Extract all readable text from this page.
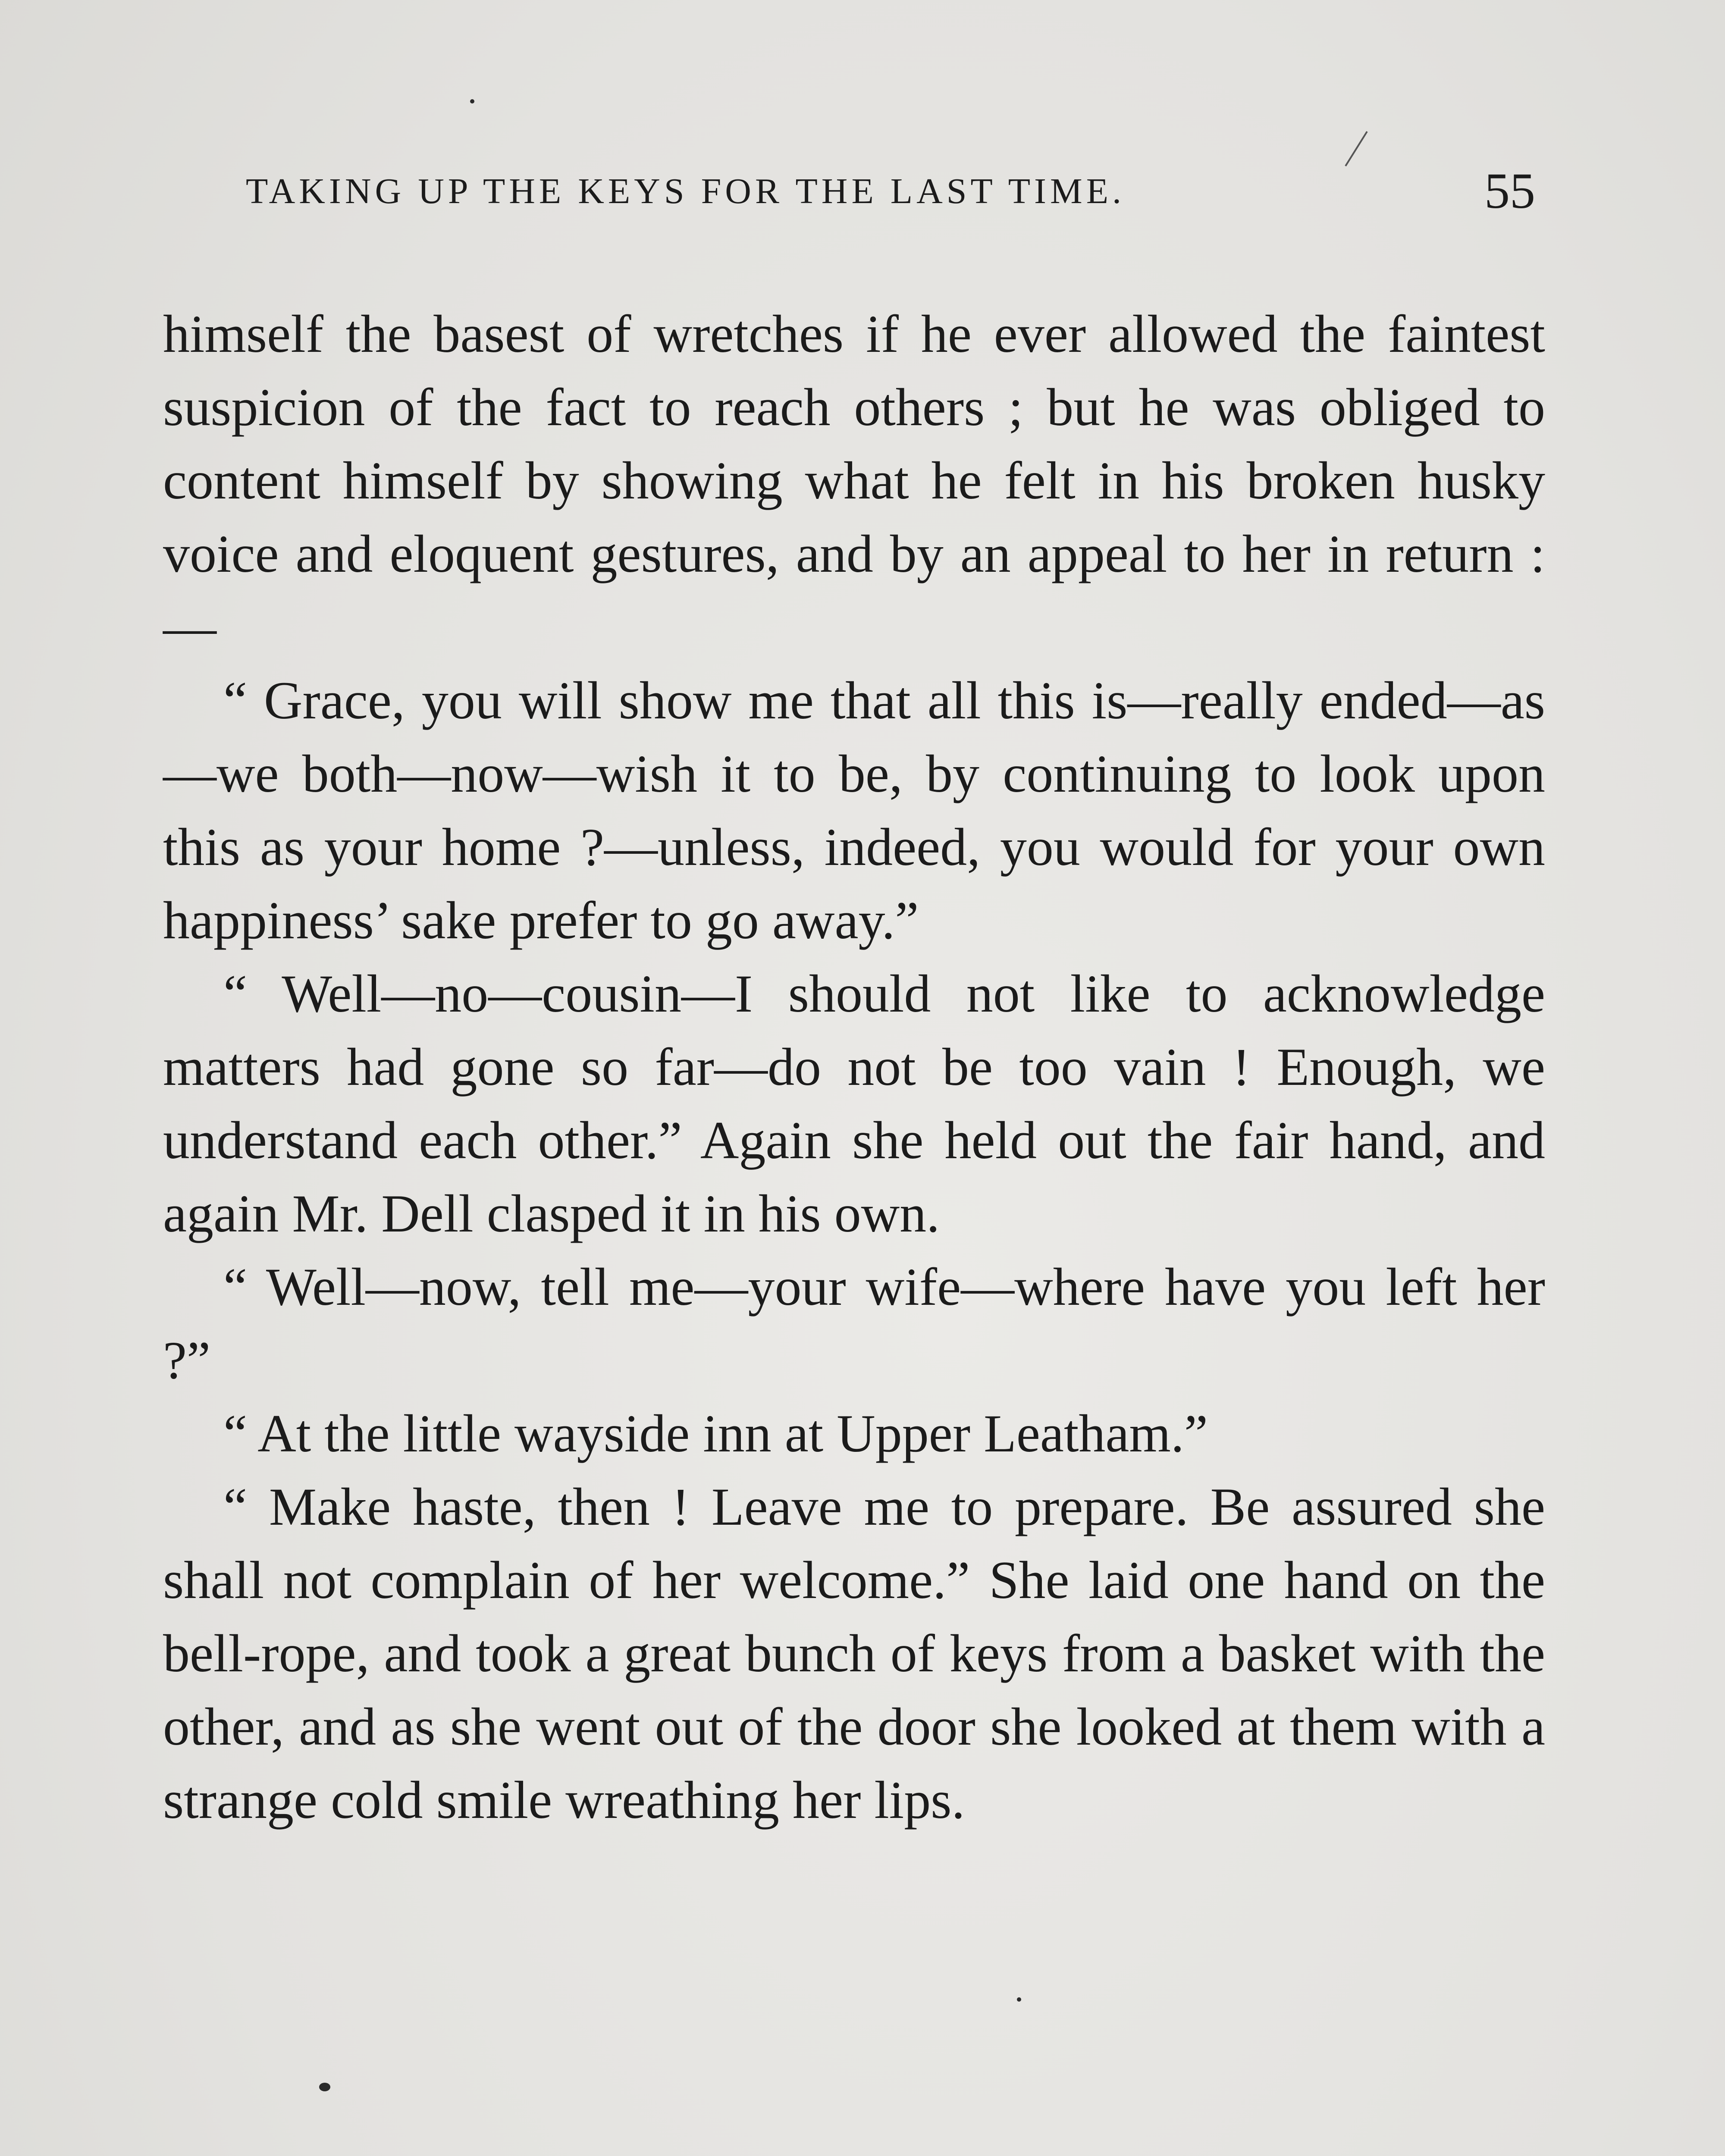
TAKING UP THE KEYS FOR THE LAST TIME.	55

himself the basest of wretches if he ever allowed the faintest suspicion of the fact to reach others ; but he was obliged to content himself by showing what he felt in his broken husky voice and eloquent gestures, and by an appeal to her in return :—

“ Grace, you will show me that all this is—really ended—as—we both—now—wish it to be, by continuing to look upon this as your home ?—unless, indeed, you would for your own happiness’ sake prefer to go away.”

“ Well—no—cousin—I should not like to acknowledge matters had gone so far—do not be too vain ! Enough, we understand each other.” Again she held out the fair hand, and again Mr. Dell clasped it in his own.

“ Well—now, tell me—your wife—where have you left her ?”

“ At the little wayside inn at Upper Leatham.”

“ Make haste, then ! Leave me to prepare. Be assured she shall not complain of her welcome.” She laid one hand on the bell-rope, and took a great bunch of keys from a basket with the other, and as she went out of the door she looked at them with a strange cold smile wreathing her lips.
